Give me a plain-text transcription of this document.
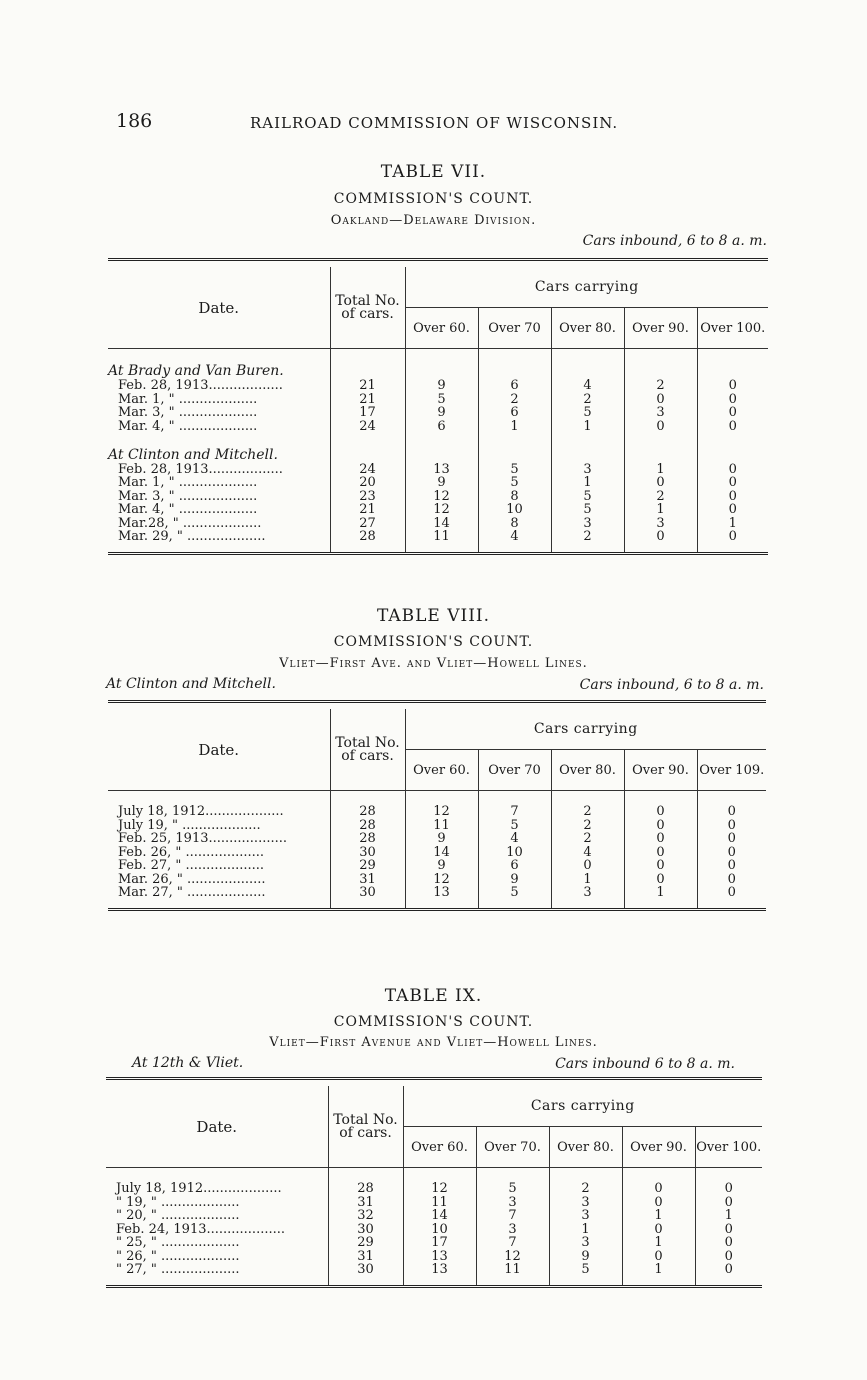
186	RAILROAD COMMISSION OF WISCONSIN.
TABLE VII.
COMMISSION'S COUNT.
Oakland—Delaware Division.
Cars inbound, 6 to 8 a. m.

Date.	Total No. of cars.	Cars carrying				
		Over 60.	Over 70	Over 80.	Over 90.	Over 100.

At Brady and Van Buren.						
Feb. 28, 1913..................	21	9	6	4	2	0
Mar. 1, " ...................	21	5	2	2	0	0
Mar. 3, " ...................	17	9	6	5	3	0
Mar. 4, " ...................	24	6	1	1	0	0

At Clinton and Mitchell.						
Feb. 28, 1913..................	24	13	5	3	1	0
Mar. 1, " ...................	20	9	5	1	0	0
Mar. 3, " ...................	23	12	8	5	2	0
Mar. 4, " ...................	21	12	10	5	1	0
Mar.28, " ...................	27	14	8	3	3	1
Mar. 29, " ...................	28	11	4	2	0	0

TABLE VIII.
COMMISSION'S COUNT.
Vliet—First Ave. and Vliet—Howell Lines.
At Clinton and Mitchell.	Cars inbound, 6 to 8 a. m.

Date.	Total No. of cars.	Cars carrying				
		Over 60.	Over 70	Over 80.	Over 90.	Over 109.

July 18, 1912...................	28	12	7	2	0	0
July 19, " ...................	28	11	5	2	0	0
Feb. 25, 1913...................	28	9	4	2	0	0
Feb. 26, " ...................	30	14	10	4	0	0
Feb. 27, " ...................	29	9	6	0	0	0
Mar. 26, " ...................	31	12	9	1	0	0
Mar. 27, " ...................	30	13	5	3	1	0

TABLE IX.
COMMISSION'S COUNT.
Vliet—First Avenue and Vliet—Howell Lines.
At 12th & Vliet.	Cars inbound 6 to 8 a. m.

Date.	Total No. of cars.	Cars carrying				
		Over 60.	Over 70.	Over 80.	Over 90.	Over 100.

July 18, 1912...................	28	12	5	2	0	0
" 19, " ...................	31	11	3	3	0	0
" 20, " ...................	32	14	7	3	1	1
Feb. 24, 1913...................	30	10	3	1	0	0
" 25, " ...................	29	17	7	3	1	0
" 26, " ...................	31	13	12	9	0	0
" 27, " ...................	30	13	11	5	1	0
